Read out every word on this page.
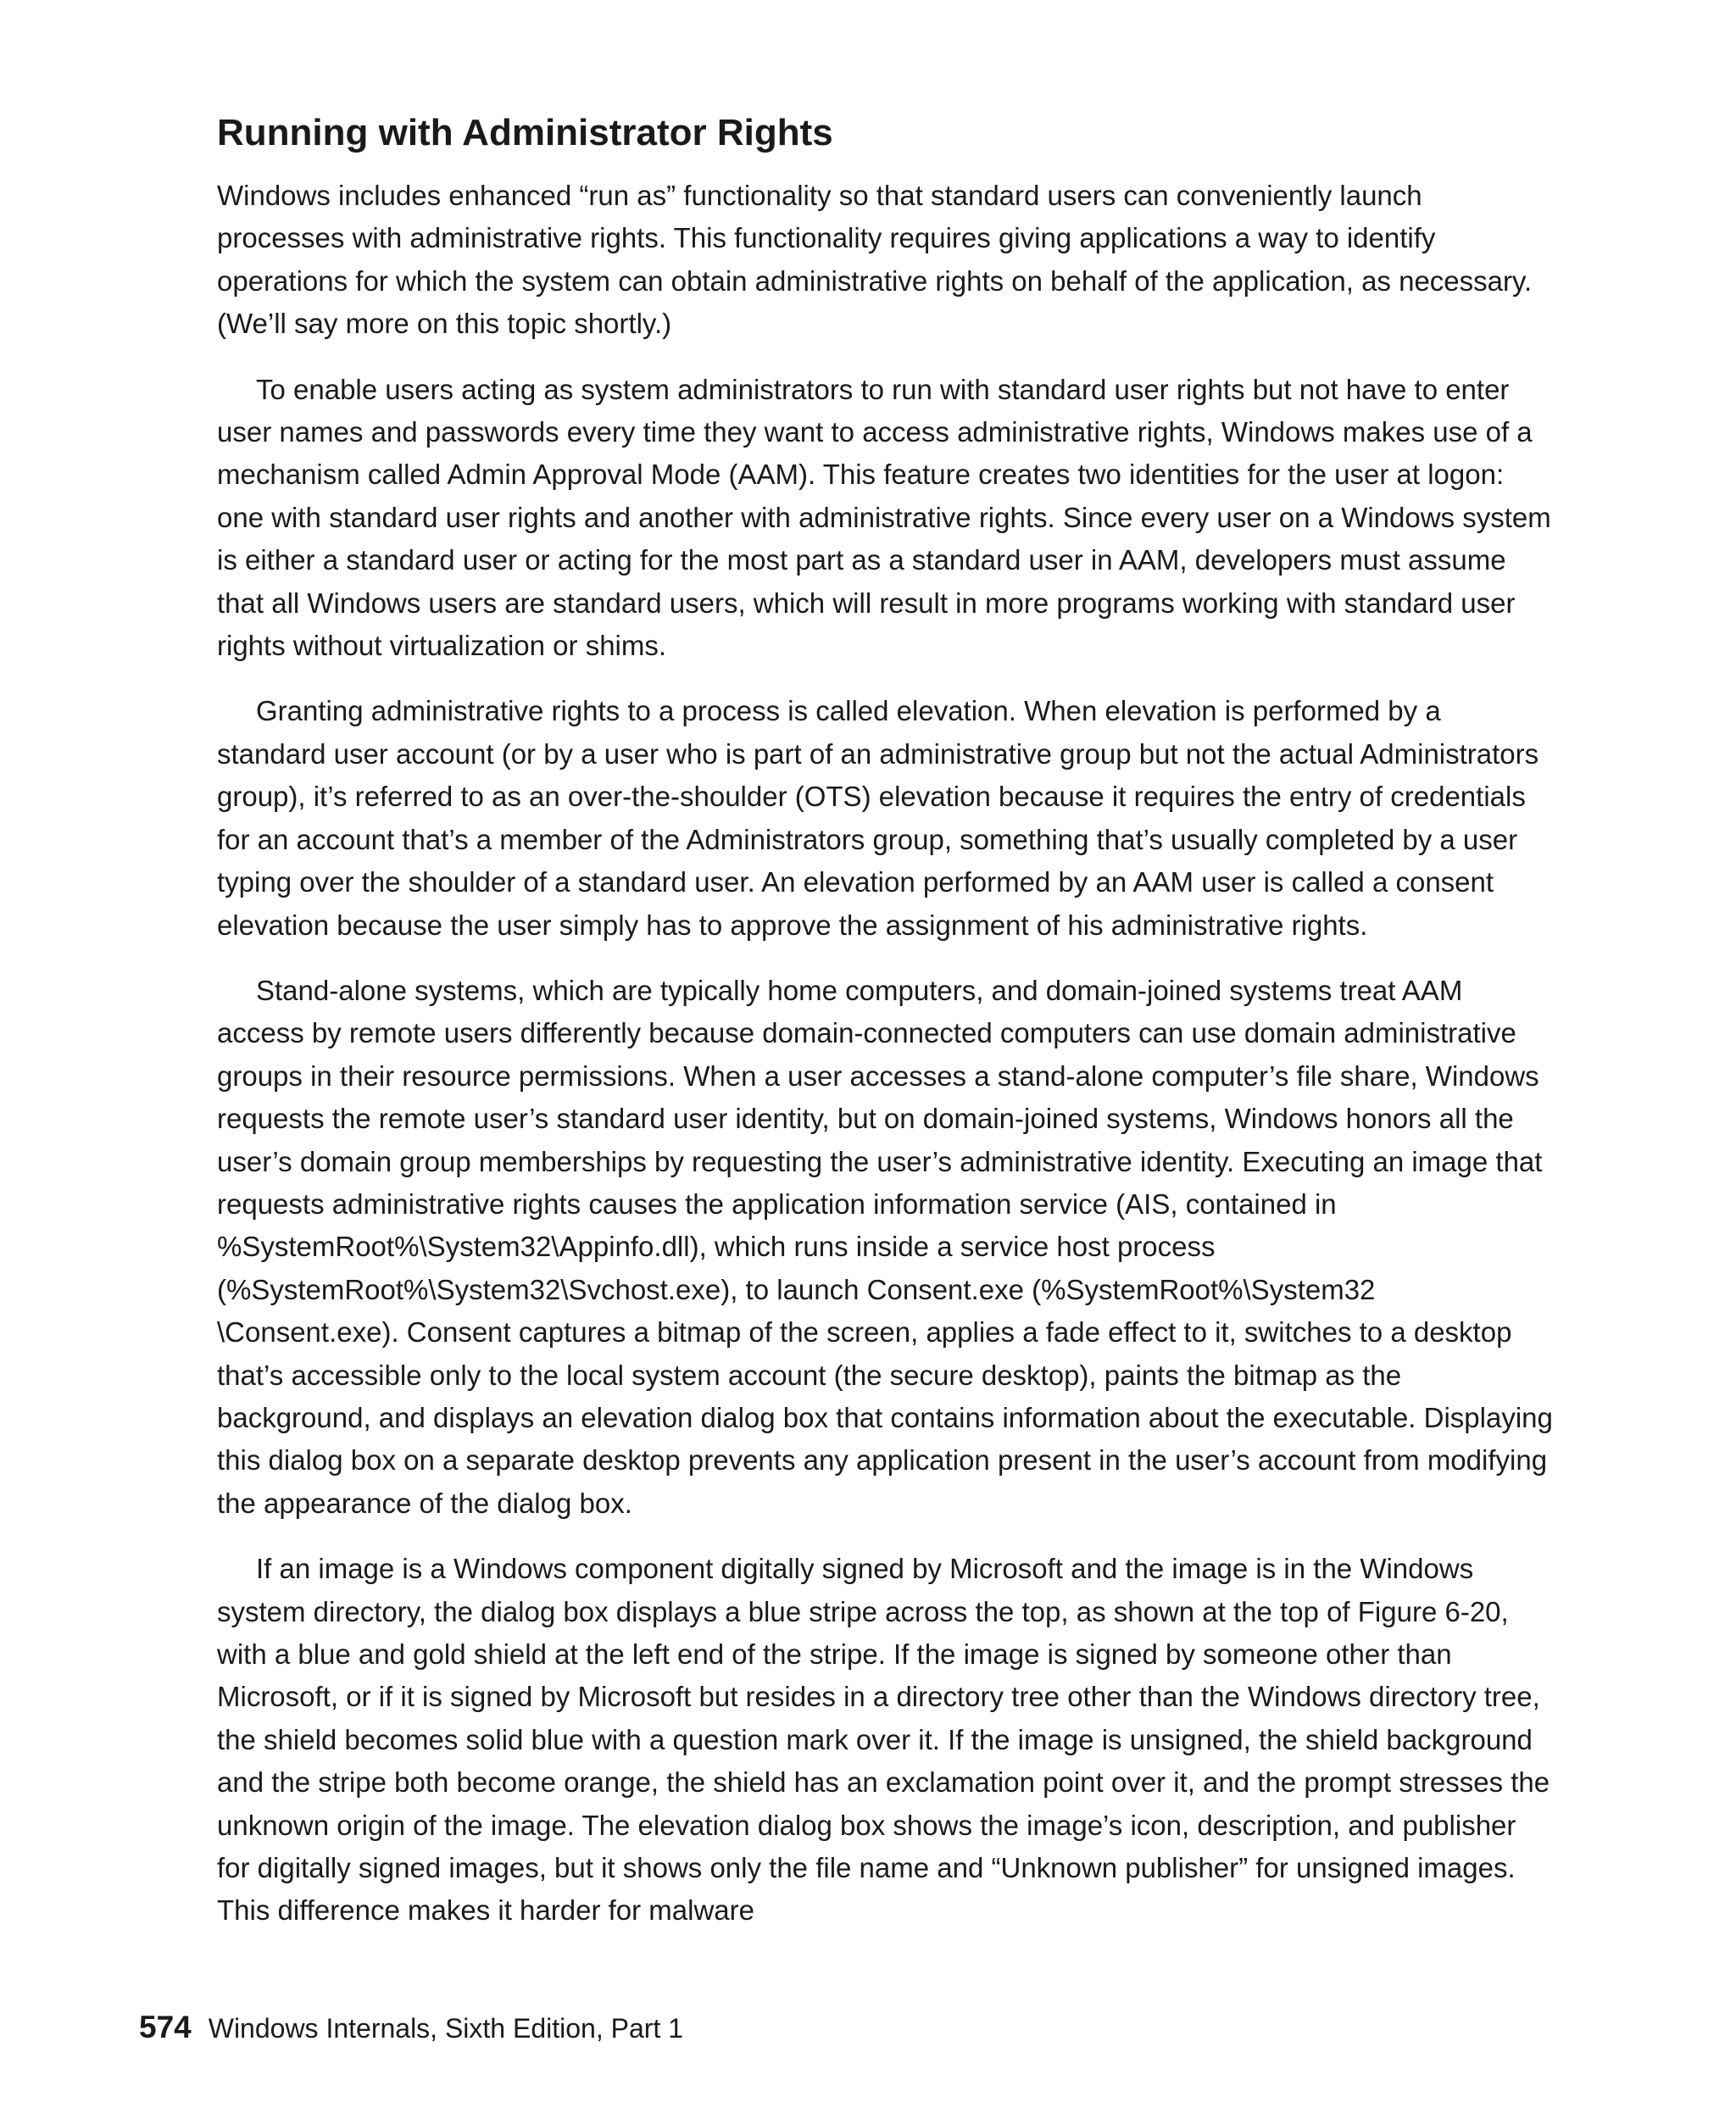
Running with Administrator Rights

Windows includes enhanced “run as” functionality so that standard users can conveniently launch processes with administrative rights. This functionality requires giving applications a way to identify operations for which the system can obtain administrative rights on behalf of the application, as necessary. (We’ll say more on this topic shortly.)

To enable users acting as system administrators to run with standard user rights but not have to enter user names and passwords every time they want to access administrative rights, Windows makes use of a mechanism called Admin Approval Mode (AAM). This feature creates two identities for the user at logon: one with standard user rights and another with administrative rights. Since every user on a Windows system is either a standard user or acting for the most part as a standard user in AAM, developers must assume that all Windows users are standard users, which will result in more programs working with standard user rights without virtualization or shims.

Granting administrative rights to a process is called elevation. When elevation is performed by a standard user account (or by a user who is part of an administrative group but not the actual Administrators group), it’s referred to as an over-the-shoulder (OTS) elevation because it requires the entry of credentials for an account that’s a member of the Administrators group, something that’s usually completed by a user typing over the shoulder of a standard user. An elevation performed by an AAM user is called a consent elevation because the user simply has to approve the assignment of his administrative rights.

Stand-alone systems, which are typically home computers, and domain-joined systems treat AAM access by remote users differently because domain-connected computers can use domain administrative groups in their resource permissions. When a user accesses a stand-alone computer’s file share, Windows requests the remote user’s standard user identity, but on domain-joined systems, Windows honors all the user’s domain group memberships by requesting the user’s administrative identity. Executing an image that requests administrative rights causes the application information service (AIS, contained in %SystemRoot%\System32\Appinfo.dll), which runs inside a service host process (%SystemRoot%\System32\Svchost.exe), to launch Consent.exe (%SystemRoot%\System32 \Consent.exe). Consent captures a bitmap of the screen, applies a fade effect to it, switches to a desktop that’s accessible only to the local system account (the secure desktop), paints the bitmap as the background, and displays an elevation dialog box that contains information about the executable. Displaying this dialog box on a separate desktop prevents any application present in the user’s account from modifying the appearance of the dialog box.

If an image is a Windows component digitally signed by Microsoft and the image is in the Windows system directory, the dialog box displays a blue stripe across the top, as shown at the top of Figure 6-20, with a blue and gold shield at the left end of the stripe. If the image is signed by someone other than Microsoft, or if it is signed by Microsoft but resides in a directory tree other than the Windows directory tree, the shield becomes solid blue with a question mark over it. If the image is unsigned, the shield background and the stripe both become orange, the shield has an exclamation point over it, and the prompt stresses the unknown origin of the image. The elevation dialog box shows the image’s icon, description, and publisher for digitally signed images, but it shows only the file name and “Unknown publisher” for unsigned images. This difference makes it harder for malware

574 Windows Internals, Sixth Edition, Part 1
